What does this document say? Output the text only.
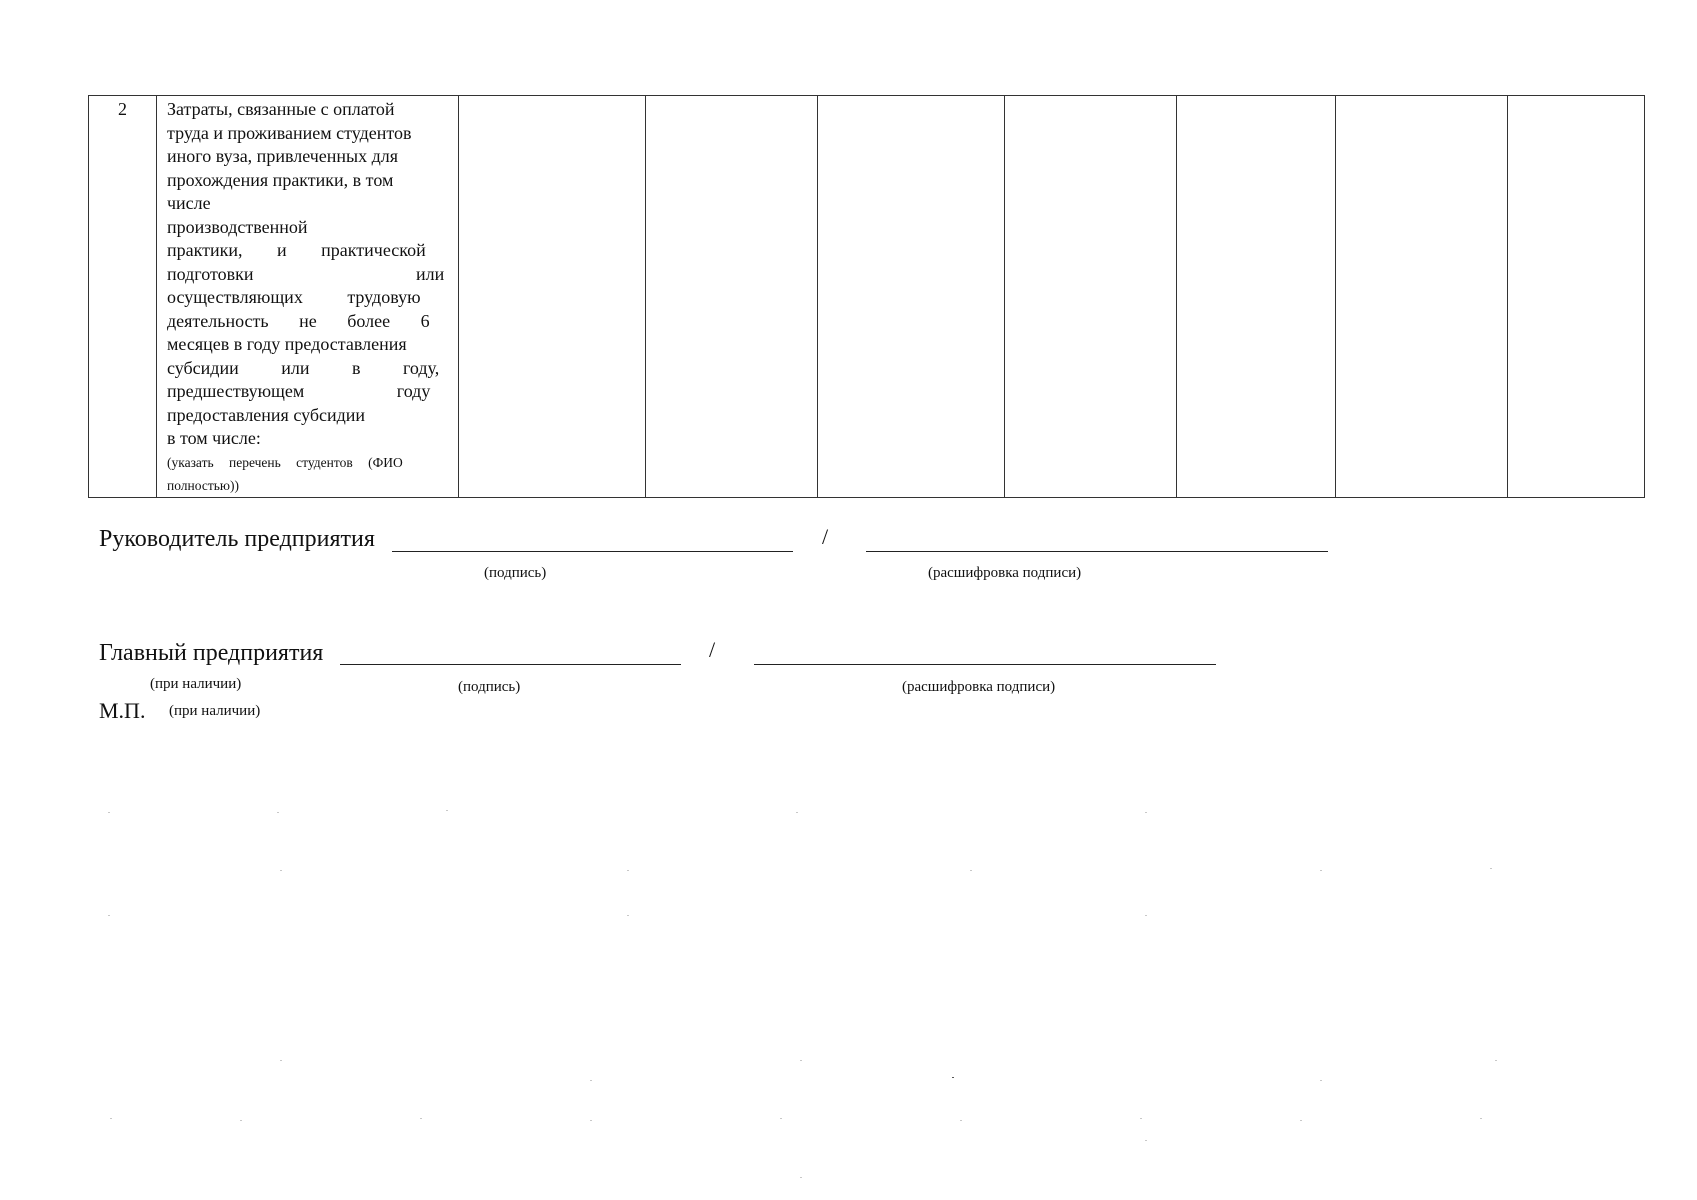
2	Затраты, связанные с оплатой
труда и проживанием студентов
иного вуза, привлеченных для
прохождения практики, в том
числе производственной
практики, и практической
подготовки или
осуществляющих трудовую
деятельность не более 6
месяцев в году предоставления
субсидии или в году,
предшествующем году
предоставления субсидии
в том числе:
(указать перечень студентов (ФИО
полностью))

Руководитель предприятия	/
(подпись)	(расшифровка подписи)
Главный предприятия	/
(при наличии)	(подпись)	(расшифровка подписи)
М.П. (при наличии)
